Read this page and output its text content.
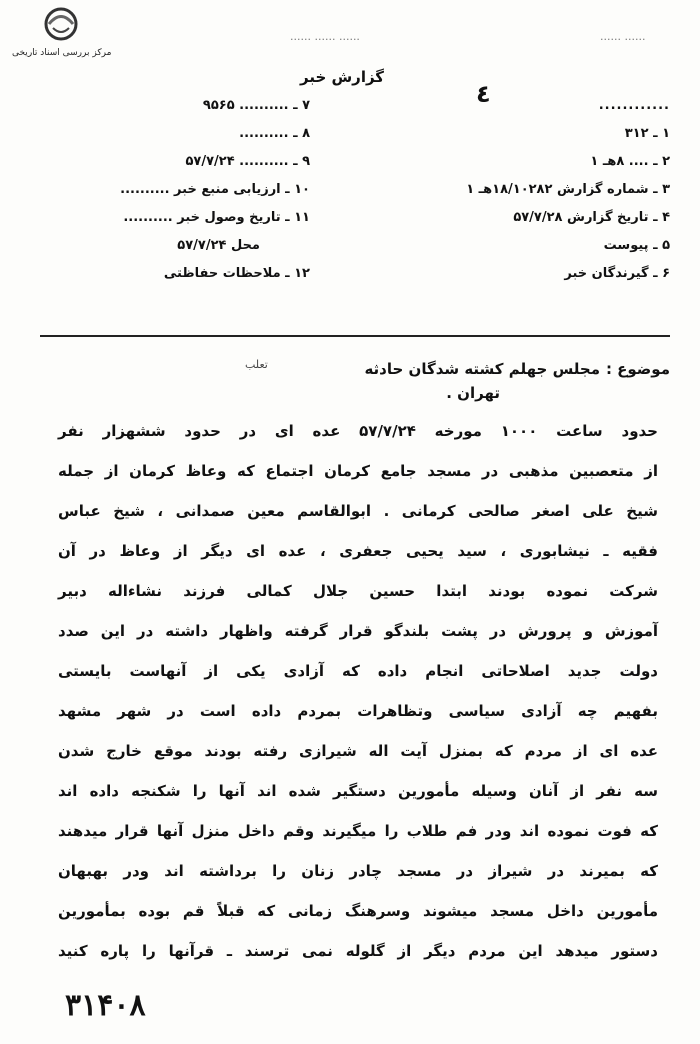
مرکز بررسی اسناد تاریخی
...... ...... ......	...... ......
گزارش خبر
٤	............
۱ ـ ۳۱۲
۲ ـ .... ۸هـ ۱
۳ ـ شماره گزارش ۱۸/۱۰۲۸۲هـ ۱
۴ ـ تاریخ گزارش ۵۷/۷/۲۸
۵ ـ پیوست
۶ ـ گیرندگان خبر
۷ ـ .......... ۹۵۶۵
۸ ـ ..........
۹ ـ .......... ۵۷/۷/۲۴
۱۰ ـ ارزیابی منبع خبر ..........
۱۱ ـ تاریخ وصول خبر ..........
محل ۵۷/۷/۲۴
۱۲ ـ ملاحظات حفاظتی
موضوع :
مجلس جهلم کشته شدگان حادثه
تعلب
تهران .
حدود ساعت ۱۰۰۰ مورخه ۵۷/۷/۲۴ عده ای در حدود ششهزار نفر
از متعصبین مذهبی در مسجد جامع کرمان اجتماع که وعاظ کرمان از جمله
شیخ علی اصغر صالحی کرمانی . ابوالقاسم معین صمدانی ، شیخ عباس
فقیه ـ نیشابوری ، سید یحیی جعفری ، عده ای دیگر از وعاظ در آن
شرکت نموده بودند ابتدا حسین جلال کمالی فرزند نشاءاله دبیر
آموزش و پرورش در پشت بلندگو قرار گرفته واظهار داشته در این صدد
دولت جدید اصلاحاتی انجام داده که آزادی یکی از آنهاست بایستی
بفهیم چه آزادی سیاسی وتظاهرات بمردم داده است در شهر مشهد
عده ای از مردم که بمنزل آیت اله شیرازی رفته بودند موقع خارج شدن
سه نفر از آنان وسیله مأمورین دستگیر شده اند آنها را شکنجه داده اند
که فوت نموده اند ودر فم طلاب را میگیرند وقم داخل منزل آنها قرار میدهند
که بمیرند در شیراز در مسجد چادر زنان را برداشته اند ودر بهبهان
مأمورین داخل مسجد میشوند وسرهنگ زمانی که قبلاً قم بوده بمأمورین
دستور میدهد این مردم دیگر از گلوله نمی ترسند ـ قرآنها را پاره کنید
۳۱۴۰۸
